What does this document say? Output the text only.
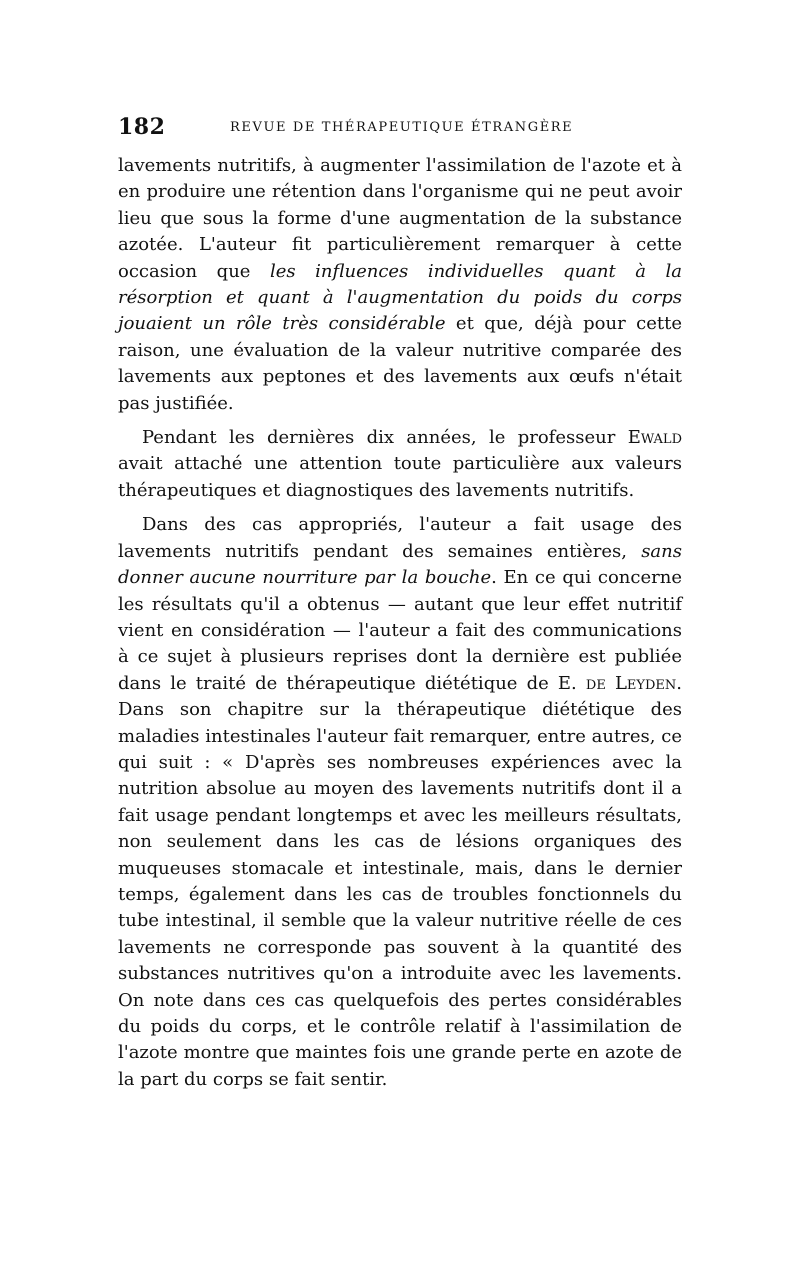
182	REVUE DE THÉRAPEUTIQUE ÉTRANGÈRE

lavements nutritifs, à augmenter l'assimilation de l'azote et à en produire une rétention dans l'organisme qui ne peut avoir lieu que sous la forme d'une augmentation de la substance azotée. L'auteur fit particulièrement remarquer à cette occasion que les influences individuelles quant à la résorption et quant à l'augmentation du poids du corps jouaient un rôle très considérable et que, déjà pour cette raison, une évaluation de la valeur nutritive comparée des lavements aux peptones et des lavements aux œufs n'était pas justifiée.

Pendant les dernières dix années, le professeur Ewald avait attaché une attention toute particulière aux valeurs thérapeutiques et diagnostiques des lavements nutritifs.

Dans des cas appropriés, l'auteur a fait usage des lavements nutritifs pendant des semaines entières, sans donner aucune nourriture par la bouche. En ce qui concerne les résultats qu'il a obtenus — autant que leur effet nutritif vient en considération — l'auteur a fait des communications à ce sujet à plusieurs reprises dont la dernière est publiée dans le traité de thérapeutique diététique de E. de Leyden. Dans son chapitre sur la thérapeutique diététique des maladies intestinales l'auteur fait remarquer, entre autres, ce qui suit : « D'après ses nombreuses expériences avec la nutrition absolue au moyen des lavements nutritifs dont il a fait usage pendant longtemps et avec les meilleurs résultats, non seulement dans les cas de lésions organiques des muqueuses stomacale et intestinale, mais, dans le dernier temps, également dans les cas de troubles fonctionnels du tube intestinal, il semble que la valeur nutritive réelle de ces lavements ne corresponde pas souvent à la quantité des substances nutritives qu'on a introduite avec les lavements. On note dans ces cas quelquefois des pertes considérables du poids du corps, et le contrôle relatif à l'assimilation de l'azote montre que maintes fois une grande perte en azote de la part du corps se fait sentir.
